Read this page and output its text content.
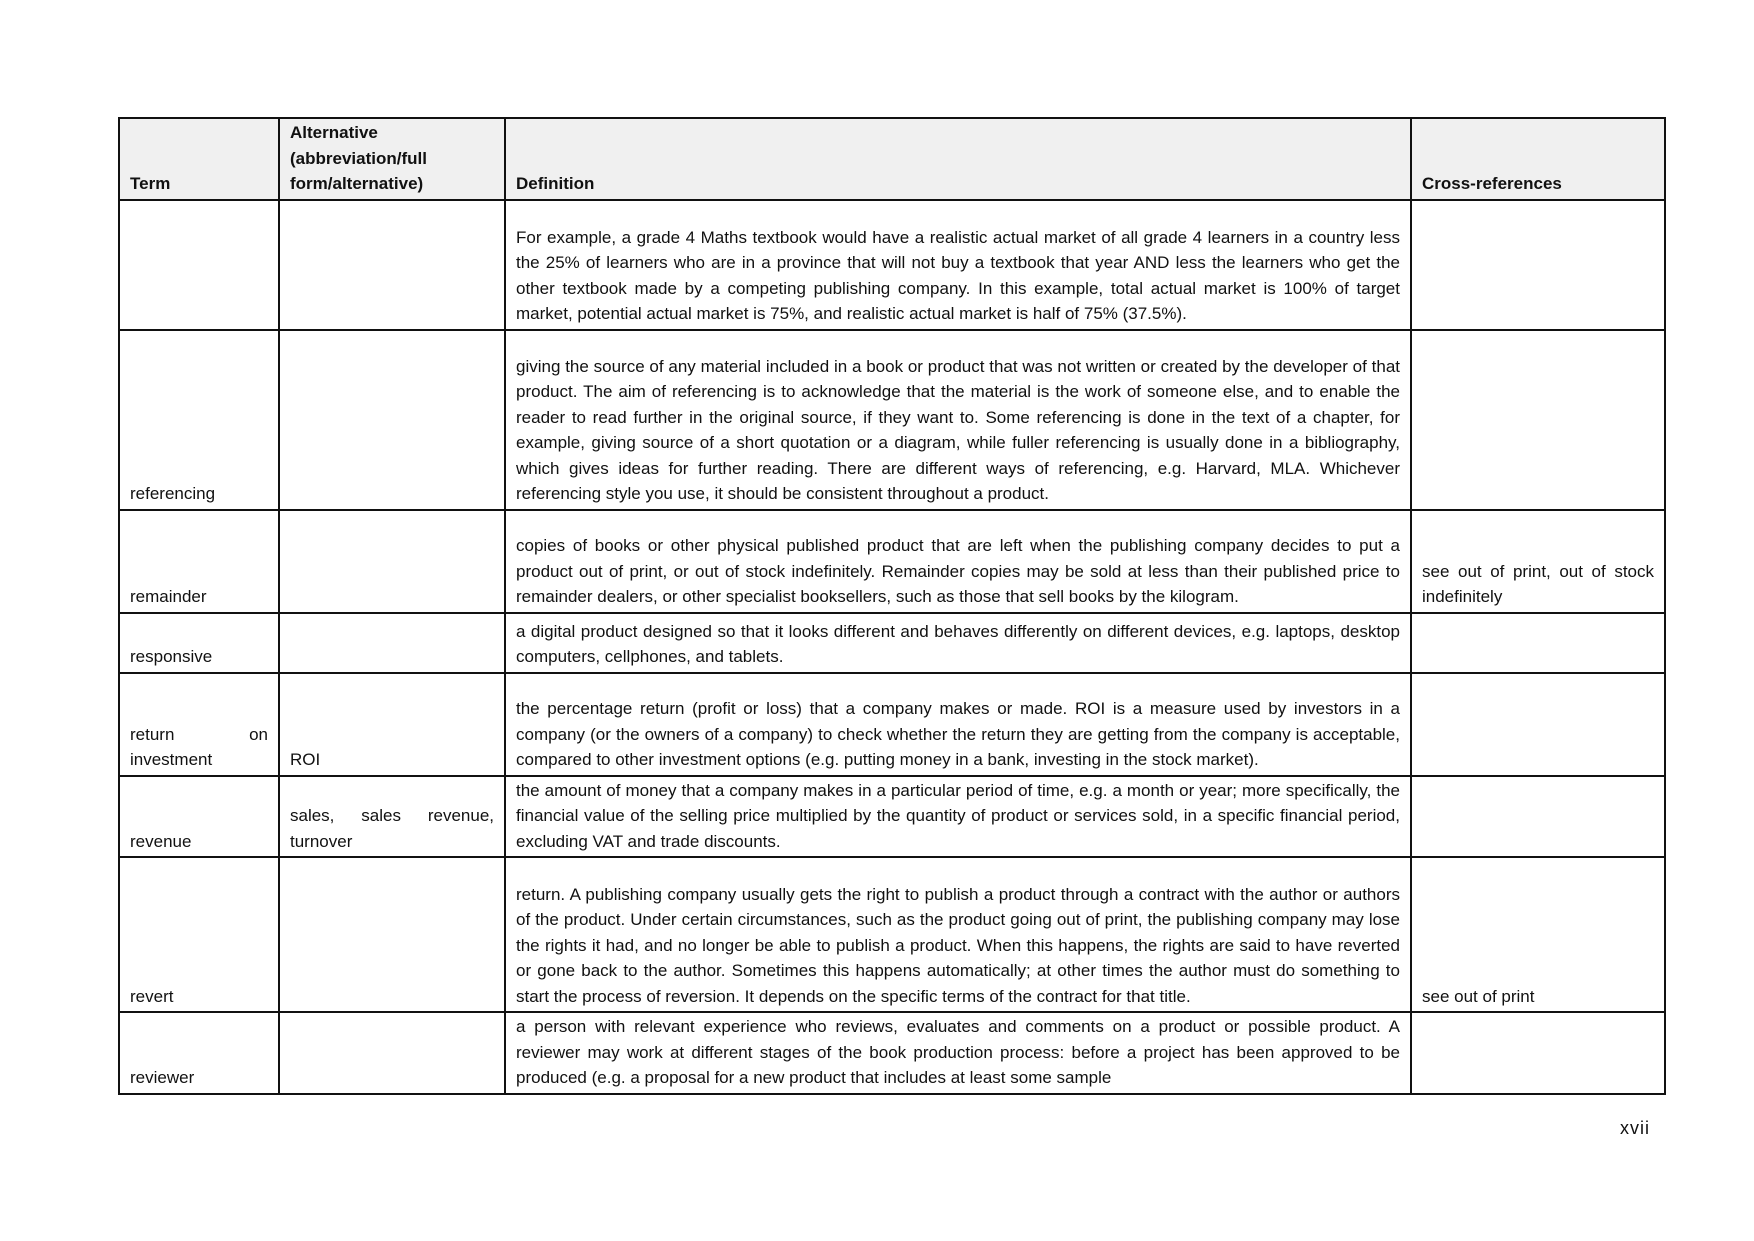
Term	Alternative (abbreviation/full form/alternative)	Definition	Cross-references
		For example, a grade 4 Maths textbook would have a realistic actual market of all grade 4 learners in a country less the 25% of learners who are in a province that will not buy a textbook that year AND less the learners who get the other textbook made by a competing publishing company. In this example, total actual market is 100% of target market, potential actual market is 75%, and realistic actual market is half of 75% (37.5%).	
referencing		giving the source of any material included in a book or product that was not written or created by the developer of that product. The aim of referencing is to acknowledge that the material is the work of someone else, and to enable the reader to read further in the original source, if they want to. Some referencing is done in the text of a chapter, for example, giving source of a short quotation or a diagram, while fuller referencing is usually done in a bibliography, which gives ideas for further reading. There are different ways of referencing, e.g. Harvard, MLA. Whichever referencing style you use, it should be consistent throughout a product.	
remainder		copies of books or other physical published product that are left when the publishing company decides to put a product out of print, or out of stock indefinitely. Remainder copies may be sold at less than their published price to remainder dealers, or other specialist booksellers, such as those that sell books by the kilogram.	see out of print, out of stock indefinitely
responsive		a digital product designed so that it looks different and behaves differently on different devices, e.g. laptops, desktop computers, cellphones, and tablets.	
return on investment	ROI	the percentage return (profit or loss) that a company makes or made. ROI is a measure used by investors in a company (or the owners of a company) to check whether the return they are getting from the company is acceptable, compared to other investment options (e.g. putting money in a bank, investing in the stock market).	
revenue	sales, sales revenue, turnover	the amount of money that a company makes in a particular period of time, e.g. a month or year; more specifically, the financial value of the selling price multiplied by the quantity of product or services sold, in a specific financial period, excluding VAT and trade discounts.	
revert		return. A publishing company usually gets the right to publish a product through a contract with the author or authors of the product. Under certain circumstances, such as the product going out of print, the publishing company may lose the rights it had, and no longer be able to publish a product. When this happens, the rights are said to have reverted or gone back to the author. Sometimes this happens automatically; at other times the author must do something to start the process of reversion. It depends on the specific terms of the contract for that title.	see out of print
reviewer		a person with relevant experience who reviews, evaluates and comments on a product or possible product. A reviewer may work at different stages of the book production process: before a project has been approved to be produced (e.g. a proposal for a new product that includes at least some sample	
xvii
